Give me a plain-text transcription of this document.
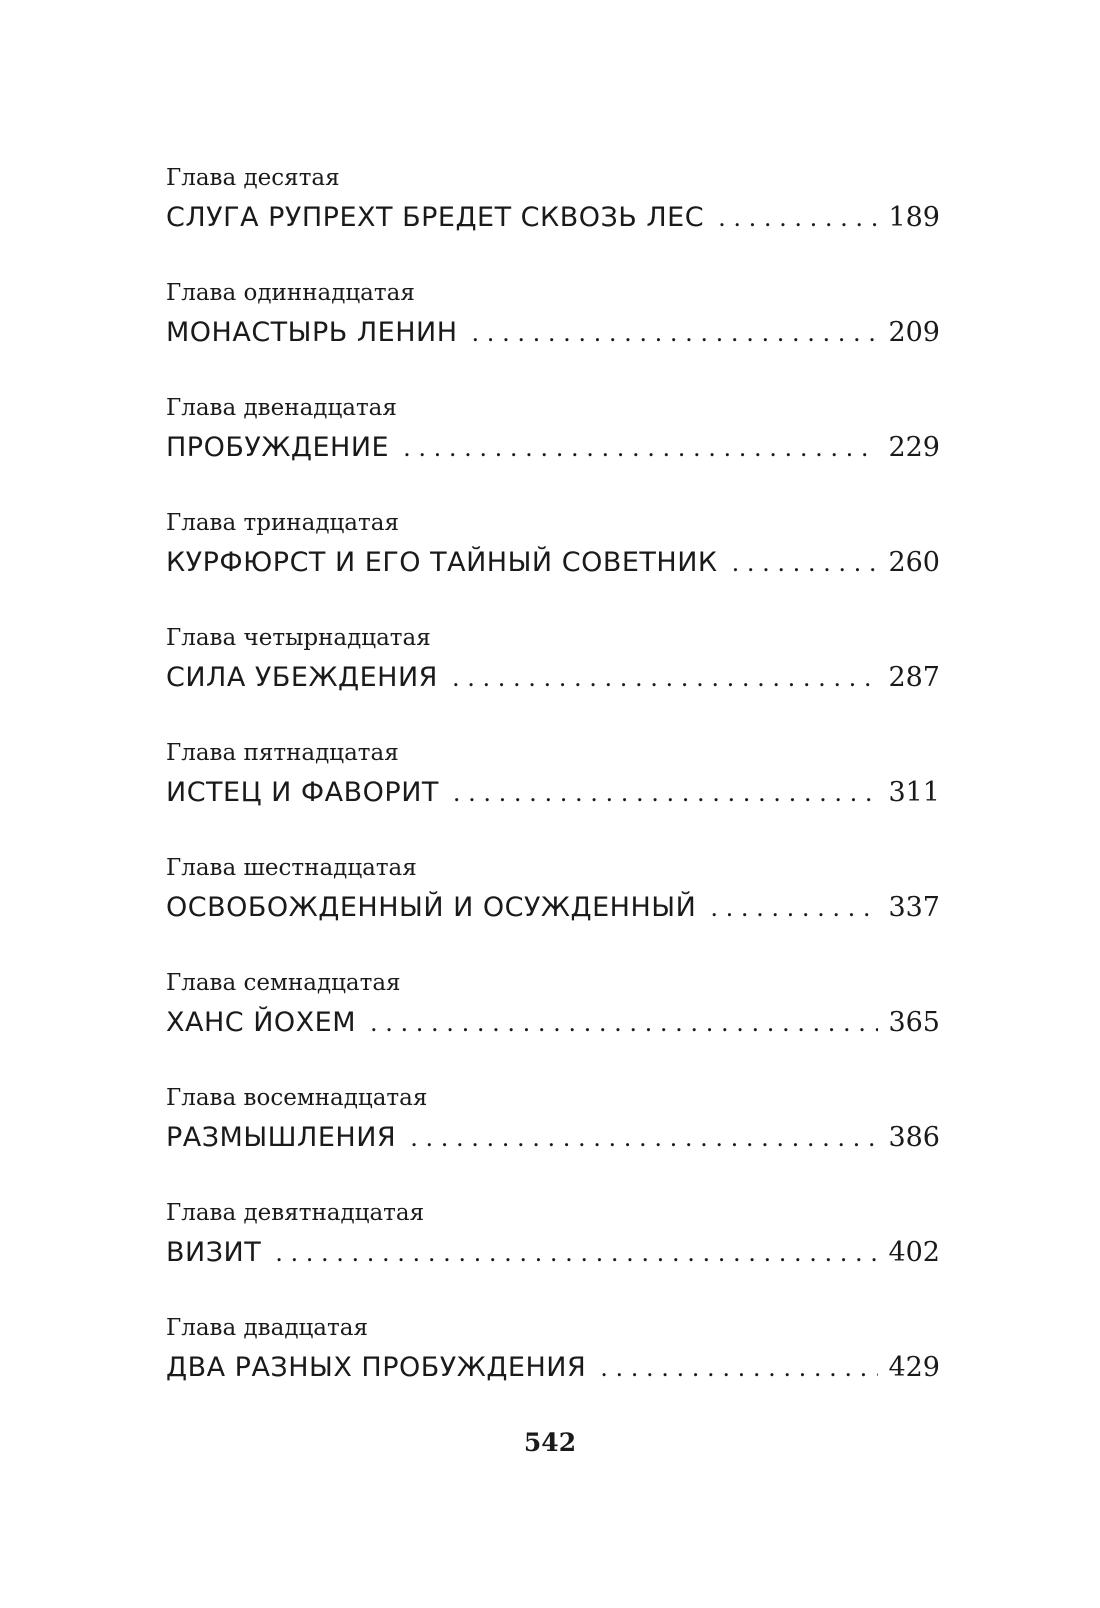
Глава десятая
СЛУГА РУПРЕХТ БРЕДЕТ СКВОЗЬ ЛЕС . . .	189
Глава одиннадцатая
МОНАСТЫРЬ ЛЕНИН . . .	209
Глава двенадцатая
ПРОБУЖДЕНИЕ . . .	229
Глава тринадцатая
КУРФЮРСТ И ЕГО ТАЙНЫЙ СОВЕТНИК . . .	260
Глава четырнадцатая
СИЛА УБЕЖДЕНИЯ . . .	287
Глава пятнадцатая
ИСТЕЦ И ФАВОРИТ . . .	311
Глава шестнадцатая
ОСВОБОЖДЕННЫЙ И ОСУЖДЕННЫЙ . . .	337
Глава семнадцатая
ХАНС ЙОХЕМ . . .	365
Глава восемнадцатая
РАЗМЫШЛЕНИЯ . . .	386
Глава девятнадцатая
ВИЗИТ . . .	402
Глава двадцатая
ДВА РАЗНЫХ ПРОБУЖДЕНИЯ . . .	429
542
